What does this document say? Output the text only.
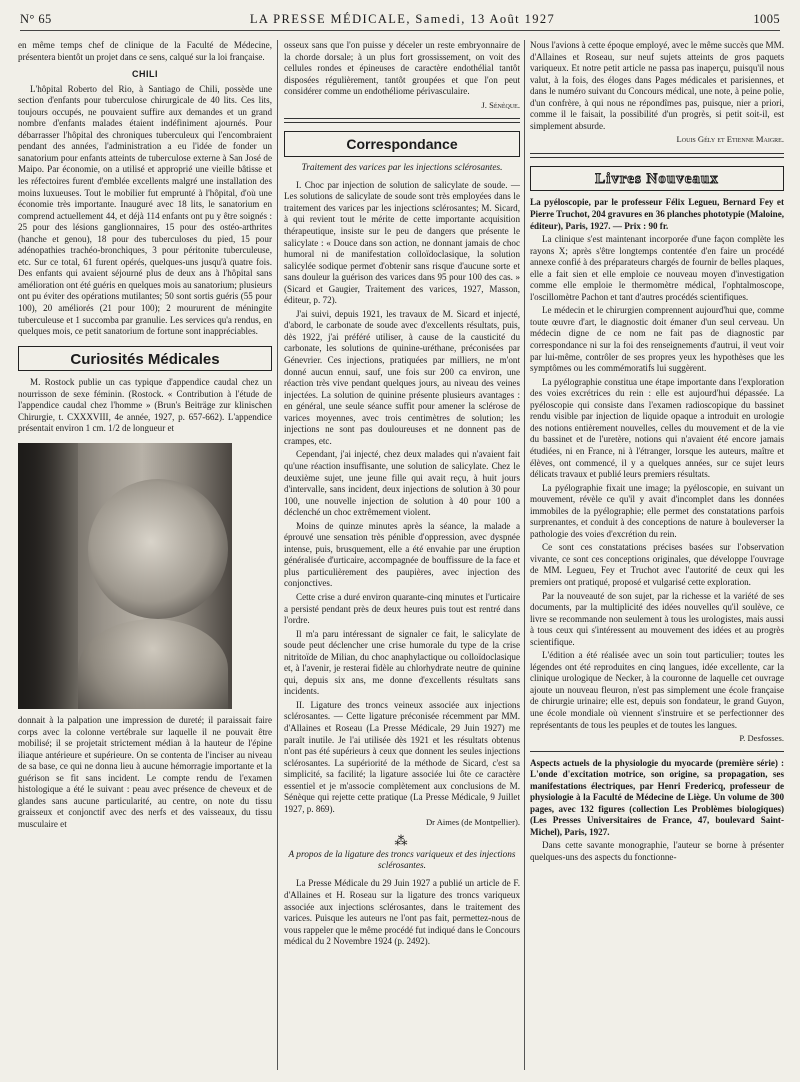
N° 65	LA PRESSE MÉDICALE, Samedi, 13 Août 1927	1005

en même temps chef de clinique de la Faculté de Médecine, présentera bientôt un projet dans ce sens, calqué sur la loi française.

CHILI

L'hôpital Roberto del Rio, à Santiago de Chili, possède une section d'enfants pour tuberculose chirurgicale de 40 lits. Ces lits, toujours occupés, ne pouvaient suffire aux demandes et un grand nombre d'enfants malades étaient indéfiniment ajournés. Pour débarrasser l'hôpital des chroniques tuberculeux qui l'encombraient pendant des années, l'administration a eu l'idée de fonder un sanatorium pour enfants atteints de tuberculose externe à San José de Maipo. Par économie, on a utilisé et approprié une vieille bâtisse et les réfectoires furent d'emblée excellents malgré une installation des moins luxueuses. Tout le mobilier fut emprunté à l'hôpital, d'où une économie très importante. Inauguré avec 18 lits, le sanatorium en comprend actuellement 44, et déjà 114 enfants ont pu y être soignés : 25 pour des lésions ganglionnaires, 15 pour des ostéo-arthrites (hanche et genou), 18 pour des tuberculoses du pied, 15 pour adénopathies trachéo-bronchiques, 3 pour péritonite tuberculeuse, etc. Sur ce total, 61 furent opérés, quelques-uns jusqu'à quatre fois. Des enfants qui avaient séjourné plus de deux ans à l'hôpital sans amélioration ont été guéris en quelques mois au sanatorium; plusieurs ont pu éviter des opérations mutilantes; 50 sont sortis guéris (55 pour 100), 20 améliorés (21 pour 100); 2 moururent de méningite tuberculeuse et 1 succomba par granulie. Les services qu'a rendus, en quelques mois, ce petit sanatorium de fortune sont inappréciables.

Curiosités Médicales

M. Rostock publie un cas typique d'appendice caudal chez un nourrisson de sexe féminin. (Rostock. « Contribution à l'étude de l'appendice caudal chez l'homme » (Brun's Beiträge zur klinischen Chirurgie, t. CXXXVIII, 4e année, 1927, p. 657-662). L'appendice présentait environ 1 cm. 1/2 de longueur et

donnait à la palpation une impression de dureté; il paraissait faire corps avec la colonne vertébrale sur laquelle il ne pouvait être mobilisé; il se projetait strictement médian à la hauteur de l'épine iliaque antérieure et supérieure. On se contenta de l'inciser au niveau de sa base, ce qui ne donna lieu à aucune hémorragie importante et la guérison se fit sans incident. Le compte rendu de l'examen histologique a été le suivant : peau avec présence de cheveux et de glandes sans aucune particularité, au centre, on note du tissu graisseux et conjonctif avec des nerfs et des vaisseaux, du tissu musculaire et

osseux sans que l'on puisse y déceler un reste embryonnaire de la chorde dorsale; à un plus fort grossissement, on voit des cellules rondes et épineuses de caractère endothélial tantôt disposées régulièrement, tantôt groupées et que l'on peut considérer comme un endothéliome périvasculaire.

J. Sénèque.
Correspondance
Traitement des varices par les injections sclérosantes.

I. Choc par injection de solution de salicylate de soude. — Les solutions de salicylate de soude sont très employées dans le traitement des varices par les injections sclérosantes; M. Sicard, à qui revient tout le mérite de cette importante acquisition thérapeutique, insiste sur le peu de dangers que présente le salicylate : « Douce dans son action, ne donnant jamais de choc humoral ni de manifestation colloïdoclasique, la solution salicylée sodique permet d'obtenir sans risque d'aucune sorte et sans douleur la guérison des varices dans 95 pour 100 des cas. » (Sicard et Gaugier, Traitement des varices, 1927, Masson, éditeur, p. 72).

J'ai suivi, depuis 1921, les travaux de M. Sicard et injecté, d'abord, le carbonate de soude avec d'excellents résultats, puis, dès 1922, j'ai préféré utiliser, à cause de la causticité du carbonate, les solutions de quinine-uréthane, préconisées par Génevrier. Ces injections, pratiquées par milliers, ne m'ont donné aucun ennui, sauf, une fois sur 200 ca environ, une réaction très vive pendant quelques jours, au niveau des veines injectées. La solution de quinine présente plusieurs avantages : en général, une seule séance suffit pour amener la sclérose de varices moyennes, avec trois centimètres de solution; les injections ne sont pas douloureuses et ne donnent pas de crampes, etc.

Cependant, j'ai injecté, chez deux malades qui n'avaient fait qu'une réaction insuffisante, une solution de salicylate. Chez le deuxième sujet, une jeune fille qui avait reçu, à huit jours d'intervalle, sans incident, deux injections de solution à 30 pour 100, une nouvelle injection de solution à 40 pour 100 a déclenché un choc extrêmement violent.

Moins de quinze minutes après la séance, la malade a éprouvé une sensation très pénible d'oppression, avec dyspnée intense, puis, brusquement, elle a été envahie par une éruption généralisée d'urticaire, accompagnée de bouffissure de la face et plus particulièrement des paupières, avec injection des conjonctives.

Cette crise a duré environ quarante-cinq minutes et l'urticaire a persisté pendant près de deux heures puis tout est rentré dans l'ordre.

Il m'a paru intéressant de signaler ce fait, le salicylate de soude peut déclencher une crise humorale du type de la crise nitritoïde de Milian, du choc anaphylactique ou colloïdoclasique et, à l'avenir, je resterai fidèle au chlorhydrate neutre de quinine qui, depuis six ans, me donne d'excellents résultats sans incidents.

II. Ligature des troncs veineux associée aux injections sclérosantes. — Cette ligature préconisée récemment par MM. d'Allaines et Roseau (La Presse Médicale, 29 Juin 1927) me paraît inutile. Je l'ai utilisée dès 1921 et les résultats obtenus n'ont pas été supérieurs à ceux que donnent les seules injections sclérosantes. La supériorité de la méthode de Sicard, c'est sa simplicité, sa facilité; la ligature associée lui ôte ce caractère essentiel et je m'associe complètement aux conclusions de M. Sénèque qui rejette cette pratique (La Presse Médicale, 9 Juillet 1927, p. 869).

Dr Aimes (de Montpellier).
⁂
A propos de la ligature des troncs variqueux et des injections sclérosantes.

La Presse Médicale du 29 Juin 1927 a publié un article de F. d'Allaines et H. Roseau sur la ligature des troncs variqueux associée aux injections sclérosantes, dans le traitement des varices. Puisque les auteurs ne l'ont pas fait, permettez-nous de vous rappeler que le même procédé fut indiqué dans le Concours médical du 2 Novembre 1924 (p. 2492).

Nous l'avions à cette époque employé, avec le même succès que MM. d'Allaines et Roseau, sur neuf sujets atteints de gros paquets variqueux. Et notre petit article ne passa pas inaperçu, puisqu'il nous valut, à la fois, des éloges dans Pages médicales et parisiennes, et dans le numéro suivant du Concours médical, une note, à peine polie, d'un confrère, à qui nous ne répondîmes pas, puisque, nier a priori, comme il le faisait, la possibilité d'un progrès, si petit soit-il, est simplement absurde.

Louis Gély et Etienne Maigre.
Livres Nouveaux

La pyéloscopie, par le professeur Félix Legueu, Bernard Fey et Pierre Truchot, 204 gravures en 36 planches phototypie (Maloine, éditeur), Paris, 1927. — Prix : 90 fr.

La clinique s'est maintenant incorporée d'une façon complète les rayons X; après s'être longtemps contentée d'en faire un procédé annexe confié à des préparateurs chargés de fournir de belles plaques, elle a fait sien et elle emploie ce nouveau moyen d'investigation comme elle emploie le thermomètre médical, l'ophtalmoscope, l'oscillomètre Pachon et tant d'autres procédés scientifiques.

Le médecin et le chirurgien comprennent aujourd'hui que, comme toute œuvre d'art, le diagnostic doit émaner d'un seul cerveau. Un médecin digne de ce nom ne fait pas de diagnostic par correspondance ni sur la foi des renseignements d'autrui, il veut voir par lui-même, contrôler de ses propres yeux les hypothèses que les symptômes ou les commémoratifs lui suggèrent.

La pyélographie constitua une étape importante dans l'exploration des voies excrétrices du rein : elle est aujourd'hui dépassée. La pyéloscopie qui consiste dans l'examen radioscopique du bassinet rendu visible par injection de liquide opaque a introduit en urologie des notions entièrement nouvelles, celles du mouvement et de la vie du bassinet et de l'uretère, notions qui n'avaient été encore jamais étudiées, ni en France, ni à l'étranger, lorsque les auteurs, maître et élèves, ont commencé, il y a quelques années, sur ce sujet leurs délicats travaux et publié leurs premiers résultats.

La pyélographie fixait une image; la pyéloscopie, en suivant un mouvement, révèle ce qu'il y avait d'incomplet dans les données immobiles de la pyélographie; elle permet des constatations parfois surprenantes, et conduit à des conceptions de nature à bouleverser la pathologie des voies d'excrétion du rein.

Ce sont ces constatations précises basées sur l'observation vivante, ce sont ces conceptions originales, que développe l'ouvrage de MM. Legueu, Fey et Truchot avec l'autorité de ceux qui les premiers ont pratiqué, proposé et vulgarisé cette exploration.

Par la nouveauté de son sujet, par la richesse et la variété de ses documents, par la multiplicité des idées nouvelles qu'il soulève, ce livre se recommande non seulement à tous les urologistes, mais aussi à tous ceux qui s'intéressent au mouvement des idées et au progrès scientifique.

L'édition a été réalisée avec un soin tout particulier; toutes les légendes ont été reproduites en cinq langues, idée excellente, car la clinique urologique de Necker, à la couronne de laquelle cet ouvrage ajoute un nouveau fleuron, n'est pas simplement une école française de chirurgie urinaire; elle est, depuis son fondateur, le grand Guyon, une école mondiale où viennent s'instruire et se perfectionner des représentants de tous les peuples et de toutes les langues.

P. Desfosses.

Aspects actuels de la physiologie du myocarde (première série) : L'onde d'excitation motrice, son origine, sa propagation, ses manifestations électriques, par Henri Fredericq, professeur de physiologie à la Faculté de Médecine de Liège. Un volume de 300 pages, avec 132 figures (collection Les Problèmes biologiques) (Les Presses Universitaires de France, 47, boulevard Saint-Michel), Paris, 1927.

Dans cette savante monographie, l'auteur se borne à présenter quelques-uns des aspects du fonctionne-
